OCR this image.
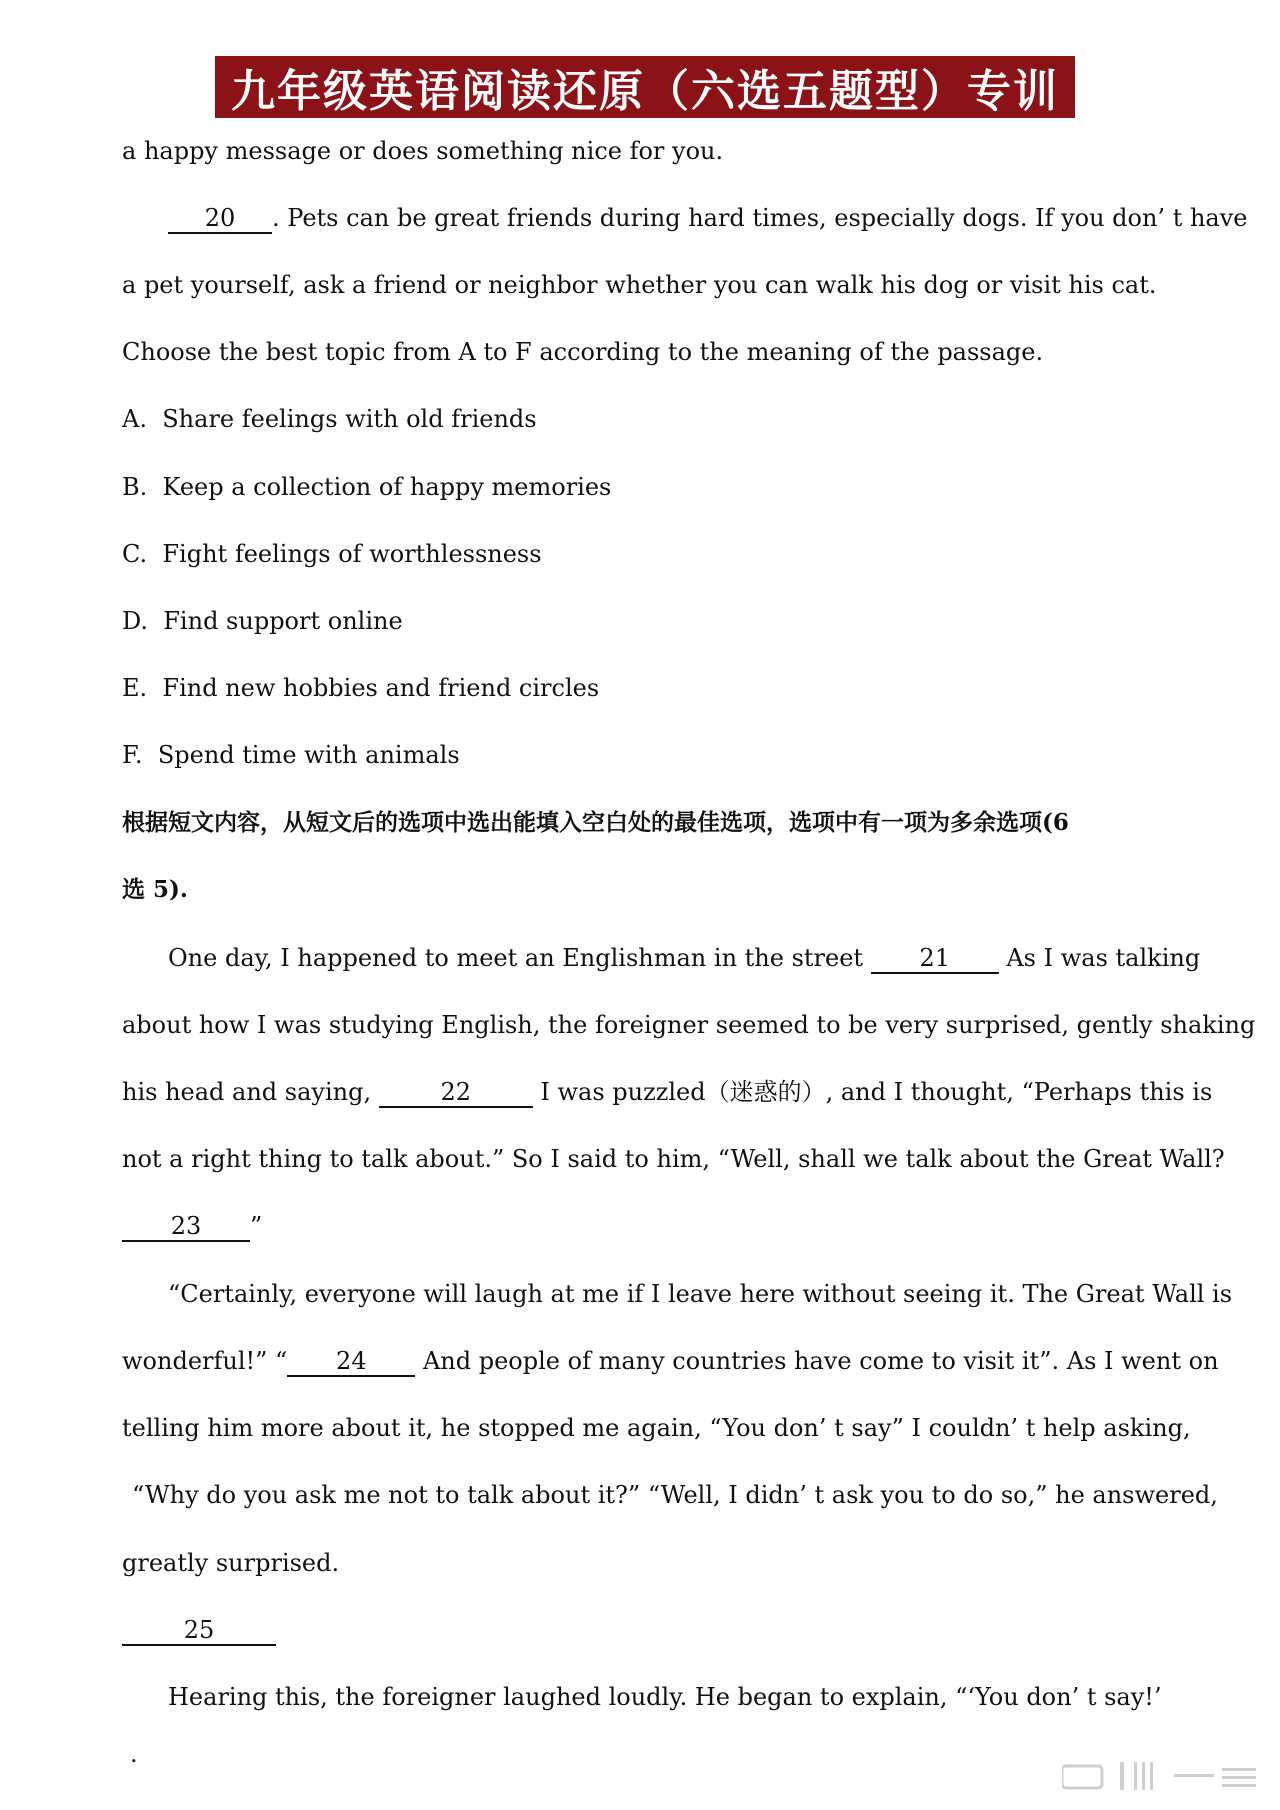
九年级英语阅读还原（六选五题型）专训
a happy message or does something nice for you.
20 . Pets can be great friends during hard times, especially dogs. If you don’ t have
a pet yourself, ask a friend or neighbor whether you can walk his dog or visit his cat.
Choose the best topic from A to F according to the meaning of the passage.
A. Share feelings with old friends
B. Keep a collection of happy memories
C. Fight feelings of worthlessness
D. Find support online
E. Find new hobbies and friend circles
F. Spend time with animals
根据短文内容，从短文后的选项中选出能填入空白处的最佳选项，选项中有一项为多余选项(6
选 5).
One day, I happened to meet an Englishman in the street 21 As I was talking
about how I was studying English, the foreigner seemed to be very surprised, gently shaking
his head and saying,	22	I was puzzled（迷惑的）, and I thought, “Perhaps this is
not a right thing to talk about.” So I said to him, “Well, shall we talk about the Great Wall?
23 ”
“Certainly, everyone will laugh at me if I leave here without seeing it. The Great Wall is
wonderful!” “ 24 And people of many countries have come to visit it”. As I went on
telling him more about it, he stopped me again, “You don’ t say” I couldn’ t help asking,
“Why do you ask me not to talk about it?” “Well, I didn’ t ask you to do so,” he answered,
greatly surprised.
25
Hearing this, the foreigner laughed loudly. He began to explain, “‘You don’ t say!’
.
